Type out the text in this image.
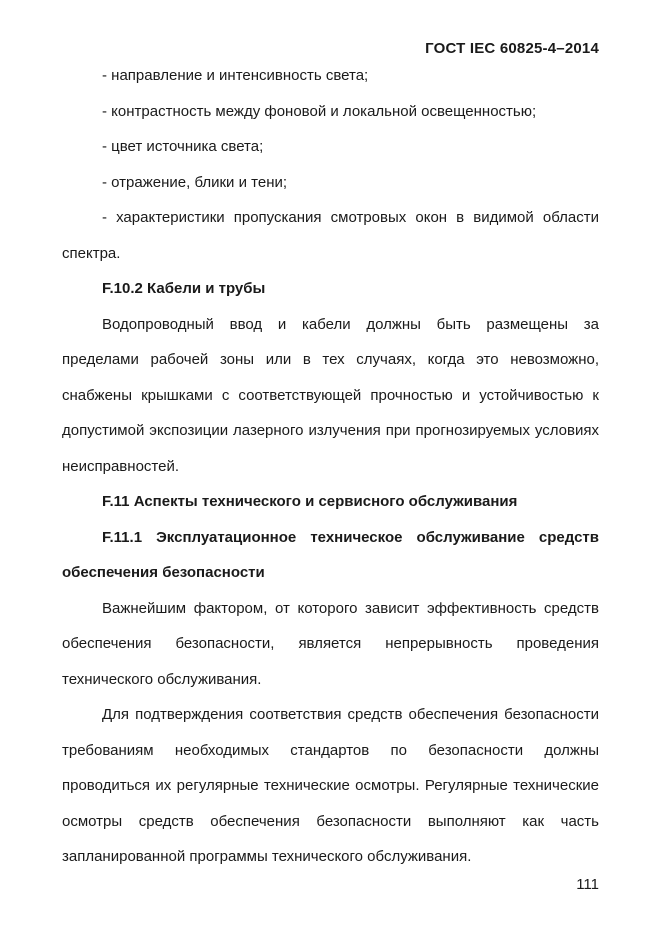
ГОСТ IEC 60825-4–2014

- направление и интенсивность света;

- контрастность между фоновой и локальной освещенностью;

- цвет источника света;

- отражение, блики и тени;

- характеристики пропускания смотровых окон в видимой области спектра.

F.10.2 Кабели и трубы

Водопроводный ввод и кабели должны быть размещены за пределами рабочей зоны или в тех случаях, когда это невозможно, снабжены крышками с соответствующей прочностью и устойчивостью к допустимой экспозиции лазерного излучения при прогнозируемых условиях неисправностей.

F.11 Аспекты технического и сервисного обслуживания

F.11.1 Эксплуатационное техническое обслуживание средств обеспечения безопасности

Важнейшим фактором, от которого зависит эффективность средств обеспечения безопасности, является непрерывность проведения технического обслуживания.

Для подтверждения соответствия средств обеспечения безопасности требованиям необходимых стандартов по безопасности должны проводиться их регулярные технические осмотры. Регулярные технические осмотры средств обеспечения безопасности выполняют как часть запланированной программы технического обслуживания.

111
